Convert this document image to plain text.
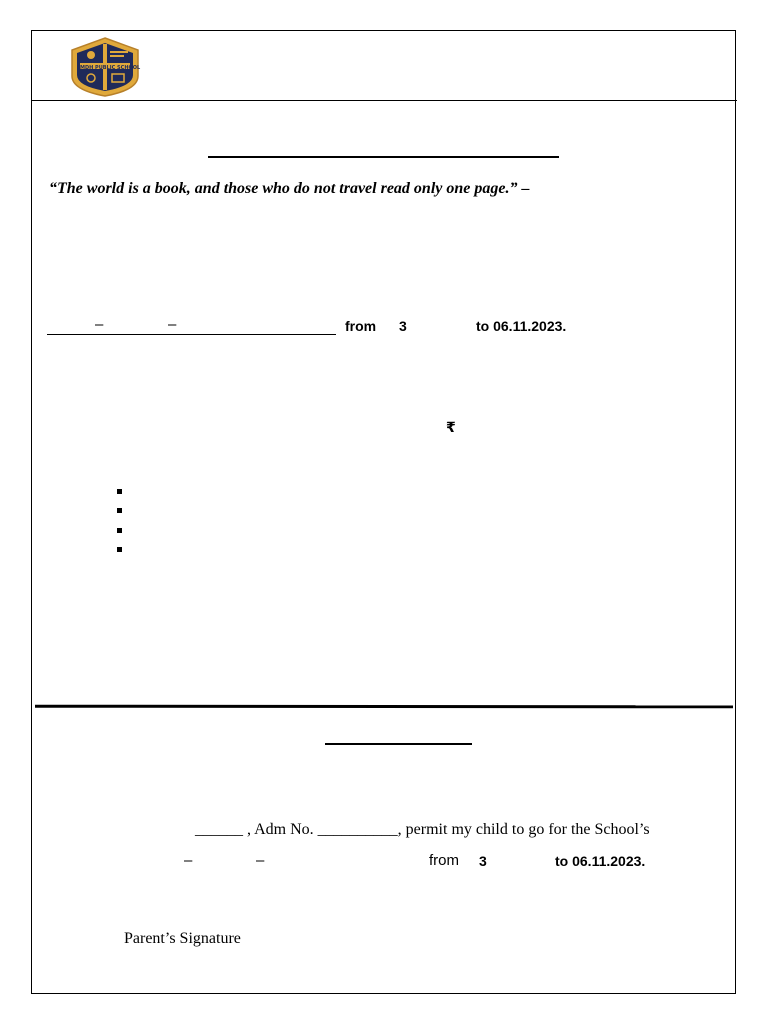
MDH PUBLIC SCHOOL
“The world is a book, and those who do not travel read only one page.” –
–	–	from 3	to 06.11.2023.
₹
______ , Adm No. __________, permit my child to go for the School’s
–	–	from 3	to 06.11.2023.
Parent’s Signature
